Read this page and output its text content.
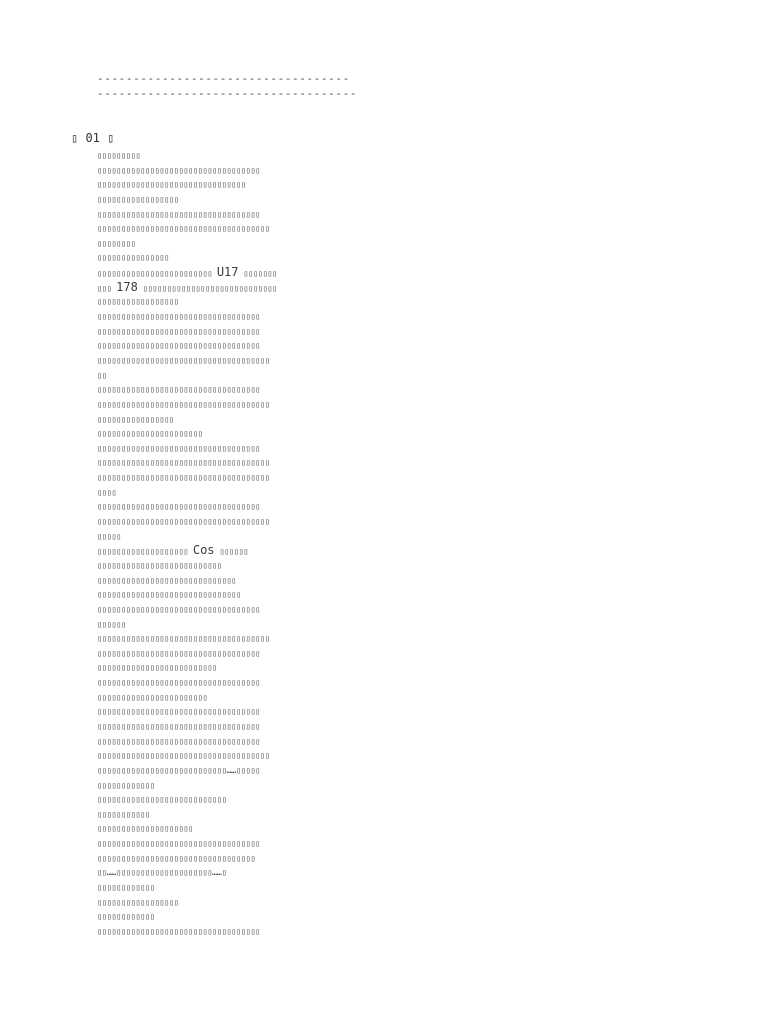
-----------------------------------
------------------------------------
▯ 01 ▯
▯▯▯▯▯▯▯▯▯
▯▯▯▯▯▯▯▯▯▯▯▯▯▯▯▯▯▯▯▯▯▯▯▯▯▯▯▯▯▯▯▯▯▯
▯▯▯▯▯▯▯▯▯▯▯▯▯▯▯▯▯▯▯▯▯▯▯▯▯▯▯▯▯▯▯
▯▯▯▯▯▯▯▯▯▯▯▯▯▯▯▯▯
▯▯▯▯▯▯▯▯▯▯▯▯▯▯▯▯▯▯▯▯▯▯▯▯▯▯▯▯▯▯▯▯▯▯
▯▯▯▯▯▯▯▯▯▯▯▯▯▯▯▯▯▯▯▯▯▯▯▯▯▯▯▯▯▯▯▯▯▯▯▯
▯▯▯▯▯▯▯▯
▯▯▯▯▯▯▯▯▯▯▯▯▯▯▯
▯▯▯▯▯▯▯▯▯▯▯▯▯▯▯▯▯▯▯▯▯▯▯▯ U17 ▯▯▯▯▯▯▯
▯▯▯ 178 ▯▯▯▯▯▯▯▯▯▯▯▯▯▯▯▯▯▯▯▯▯▯▯▯▯▯▯▯
▯▯▯▯▯▯▯▯▯▯▯▯▯▯▯▯▯
▯▯▯▯▯▯▯▯▯▯▯▯▯▯▯▯▯▯▯▯▯▯▯▯▯▯▯▯▯▯▯▯▯▯
▯▯▯▯▯▯▯▯▯▯▯▯▯▯▯▯▯▯▯▯▯▯▯▯▯▯▯▯▯▯▯▯▯▯
▯▯▯▯▯▯▯▯▯▯▯▯▯▯▯▯▯▯▯▯▯▯▯▯▯▯▯▯▯▯▯▯▯▯
▯▯▯▯▯▯▯▯▯▯▯▯▯▯▯▯▯▯▯▯▯▯▯▯▯▯▯▯▯▯▯▯▯▯▯▯
▯▯
▯▯▯▯▯▯▯▯▯▯▯▯▯▯▯▯▯▯▯▯▯▯▯▯▯▯▯▯▯▯▯▯▯▯
▯▯▯▯▯▯▯▯▯▯▯▯▯▯▯▯▯▯▯▯▯▯▯▯▯▯▯▯▯▯▯▯▯▯▯▯
▯▯▯▯▯▯▯▯▯▯▯▯▯▯▯▯
▯▯▯▯▯▯▯▯▯▯▯▯▯▯▯▯▯▯▯▯▯▯
▯▯▯▯▯▯▯▯▯▯▯▯▯▯▯▯▯▯▯▯▯▯▯▯▯▯▯▯▯▯▯▯▯▯
▯▯▯▯▯▯▯▯▯▯▯▯▯▯▯▯▯▯▯▯▯▯▯▯▯▯▯▯▯▯▯▯▯▯▯▯
▯▯▯▯▯▯▯▯▯▯▯▯▯▯▯▯▯▯▯▯▯▯▯▯▯▯▯▯▯▯▯▯▯▯▯▯
▯▯▯▯
▯▯▯▯▯▯▯▯▯▯▯▯▯▯▯▯▯▯▯▯▯▯▯▯▯▯▯▯▯▯▯▯▯▯
▯▯▯▯▯▯▯▯▯▯▯▯▯▯▯▯▯▯▯▯▯▯▯▯▯▯▯▯▯▯▯▯▯▯▯▯
▯▯▯▯▯
▯▯▯▯▯▯▯▯▯▯▯▯▯▯▯▯▯▯▯ Cos ▯▯▯▯▯▯
▯▯▯▯▯▯▯▯▯▯▯▯▯▯▯▯▯▯▯▯▯▯▯▯▯▯
▯▯▯▯▯▯▯▯▯▯▯▯▯▯▯▯▯▯▯▯▯▯▯▯▯▯▯▯▯
▯▯▯▯▯▯▯▯▯▯▯▯▯▯▯▯▯▯▯▯▯▯▯▯▯▯▯▯▯▯
▯▯▯▯▯▯▯▯▯▯▯▯▯▯▯▯▯▯▯▯▯▯▯▯▯▯▯▯▯▯▯▯▯▯
▯▯▯▯▯▯
▯▯▯▯▯▯▯▯▯▯▯▯▯▯▯▯▯▯▯▯▯▯▯▯▯▯▯▯▯▯▯▯▯▯▯▯
▯▯▯▯▯▯▯▯▯▯▯▯▯▯▯▯▯▯▯▯▯▯▯▯▯▯▯▯▯▯▯▯▯▯
▯▯▯▯▯▯▯▯▯▯▯▯▯▯▯▯▯▯▯▯▯▯▯▯▯
▯▯▯▯▯▯▯▯▯▯▯▯▯▯▯▯▯▯▯▯▯▯▯▯▯▯▯▯▯▯▯▯▯▯
▯▯▯▯▯▯▯▯▯▯▯▯▯▯▯▯▯▯▯▯▯▯▯
▯▯▯▯▯▯▯▯▯▯▯▯▯▯▯▯▯▯▯▯▯▯▯▯▯▯▯▯▯▯▯▯▯▯
▯▯▯▯▯▯▯▯▯▯▯▯▯▯▯▯▯▯▯▯▯▯▯▯▯▯▯▯▯▯▯▯▯▯
▯▯▯▯▯▯▯▯▯▯▯▯▯▯▯▯▯▯▯▯▯▯▯▯▯▯▯▯▯▯▯▯▯▯
▯▯▯▯▯▯▯▯▯▯▯▯▯▯▯▯▯▯▯▯▯▯▯▯▯▯▯▯▯▯▯▯▯▯▯▯
▯▯▯▯▯▯▯▯▯▯▯▯▯▯▯▯▯▯▯▯▯▯▯▯▯▯▯……▯▯▯▯▯
▯▯▯▯▯▯▯▯▯▯▯▯
▯▯▯▯▯▯▯▯▯▯▯▯▯▯▯▯▯▯▯▯▯▯▯▯▯▯▯
▯▯▯▯▯▯▯▯▯▯▯
▯▯▯▯▯▯▯▯▯▯▯▯▯▯▯▯▯▯▯▯
▯▯▯▯▯▯▯▯▯▯▯▯▯▯▯▯▯▯▯▯▯▯▯▯▯▯▯▯▯▯▯▯▯▯
▯▯▯▯▯▯▯▯▯▯▯▯▯▯▯▯▯▯▯▯▯▯▯▯▯▯▯▯▯▯▯▯▯
▯▯……▯▯▯▯▯▯▯▯▯▯▯▯▯▯▯▯▯▯▯▯……▯
▯▯▯▯▯▯▯▯▯▯▯▯
▯▯▯▯▯▯▯▯▯▯▯▯▯▯▯▯▯
▯▯▯▯▯▯▯▯▯▯▯▯
▯▯▯▯▯▯▯▯▯▯▯▯▯▯▯▯▯▯▯▯▯▯▯▯▯▯▯▯▯▯▯▯▯▯
